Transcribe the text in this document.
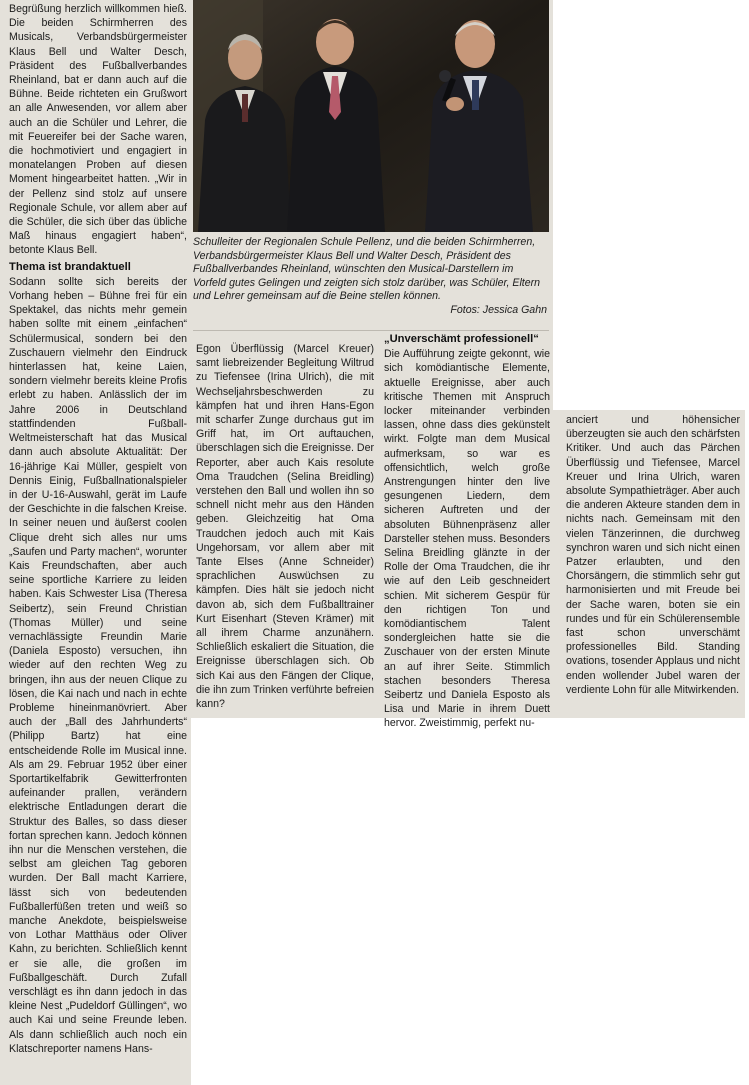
Begrüßung herzlich willkommen hieß. Die beiden Schirmherren des Musicals, Verbandsbürgermeister Klaus Bell und Walter Desch, Präsident des Fußballverbandes Rheinland, bat er dann auch auf die Bühne. Beide richteten ein Grußwort an alle Anwesenden, vor allem aber auch an die Schüler und Lehrer, die mit Feuereifer bei der Sache waren, die hochmotiviert und engagiert in monatelangen Proben auf diesen Moment hingearbeitet hatten. „Wir in der Pellenz sind stolz auf unsere Regionale Schule, vor allem aber auf die Schüler, die sich über das übliche Maß hinaus engagiert haben“, betonte Klaus Bell.

Thema ist brandaktuell

Sodann sollte sich bereits der Vorhang heben – Bühne frei für ein Spektakel, das nichts mehr gemein haben sollte mit einem „einfachen“ Schülermusical, sondern bei den Zuschauern vielmehr den Eindruck hinterlassen hat, keine Laien, sondern vielmehr bereits kleine Profis erlebt zu haben. Anlässlich der im Jahre 2006 in Deutschland stattfindenden Fußball-Weltmeisterschaft hat das Musical dann auch absolute Aktualität: Der 16-jährige Kai Müller, gespielt von Dennis Einig, Fußballnationalspieler in der U-16-Auswahl, gerät im Laufe der Geschichte in die falschen Kreise. In seiner neuen und äußerst coolen Clique dreht sich alles nur ums „Saufen und Party machen“, worunter Kais Freundschaften, aber auch seine sportliche Karriere zu leiden haben. Kais Schwester Lisa (Theresa Seibertz), sein Freund Christian (Thomas Müller) und seine vernachlässigte Freundin Marie (Daniela Esposto) versuchen, ihn wieder auf den rechten Weg zu bringen, ihn aus der neuen Clique zu lösen, die Kai nach und nach in echte Probleme hineinmanövriert. Aber auch der „Ball des Jahrhunderts“ (Philipp Bartz) hat eine entscheidende Rolle im Musical inne. Als am 29. Februar 1952 über einer Sportartikelfabrik Gewitterfronten aufeinander prallen, verändern elektrische Entladungen derart die Struktur des Balles, so dass dieser fortan sprechen kann. Jedoch können ihn nur die Menschen verstehen, die selbst am gleichen Tag geboren wurden. Der Ball macht Karriere, lässt sich von bedeutenden Fußballerfüßen treten und weiß so manche Anekdote, beispielsweise von Lothar Matthäus oder Oliver Kahn, zu berichten. Schließlich kennt er sie alle, die großen im Fußballgeschäft. Durch Zufall verschlägt es ihn dann jedoch in das kleine Nest „Pudeldorf Güllingen“, wo auch Kai und seine Freunde leben. Als dann schließlich auch noch ein Klatschreporter namens Hans-

Schulleiter der Regionalen Schule Pellenz, und die beiden Schirmherren, Verbandsbürgermeister Klaus Bell und Walter Desch, Präsident des Fußballverbandes Rheinland, wünschten den Musical-Darstellern im Vorfeld gutes Gelingen und zeigten sich stolz darüber, was Schüler, Eltern und Lehrer gemeinsam auf die Beine stellen können.
Fotos: Jessica Gahn

Egon Überflüssig (Marcel Kreuer) samt liebreizender Begleitung Wiltrud zu Tiefensee (Irina Ulrich), die mit Wechseljahrsbeschwerden zu kämpfen hat und ihren Hans-Egon mit scharfer Zunge durchaus gut im Griff hat, im Ort auftauchen, überschlagen sich die Ereignisse. Der Reporter, aber auch Kais resolute Oma Traudchen (Selina Breidling) verstehen den Ball und wollen ihn so schnell nicht mehr aus den Händen geben. Gleichzeitig hat Oma Traudchen jedoch auch mit Kais Ungehorsam, vor allem aber mit Tante Elses (Anne Schneider) sprachlichen Auswüchsen zu kämpfen. Dies hält sie jedoch nicht davon ab, sich dem Fußballtrainer Kurt Eisenhart (Steven Krämer) mit all ihrem Charme anzunähern. Schließlich eskaliert die Situation, die Ereignisse überschlagen sich. Ob sich Kai aus den Fängen der Clique, die ihn zum Trinken verführte befreien kann?

„Unverschämt professionell“

Die Aufführung zeigte gekonnt, wie sich komödiantische Elemente, aktuelle Ereignisse, aber auch kritische Themen mit Anspruch locker miteinander verbinden lassen, ohne dass dies gekünstelt wirkt. Folgte man dem Musical aufmerksam, so war es offensichtlich, welch große Anstrengungen hinter den live gesungenen Liedern, dem sicheren Auftreten und der absoluten Bühnenpräsenz aller Darsteller stehen muss. Besonders Selina Breidling glänzte in der Rolle der Oma Traudchen, die ihr wie auf den Leib geschneidert schien. Mit sicherem Gespür für den richtigen Ton und komödiantischem Talent sondergleichen hatte sie die Zuschauer von der ersten Minute an auf ihrer Seite. Stimmlich stachen besonders Theresa Seibertz und Daniela Esposto als Lisa und Marie in ihrem Duett hervor. Zweistimmig, perfekt nu-

anciert und höhensicher überzeugten sie auch den schärfsten Kritiker. Und auch das Pärchen Überflüssig und Tiefensee, Marcel Kreuer und Irina Ulrich, waren absolute Sympathieträger. Aber auch die anderen Akteure standen dem in nichts nach. Gemeinsam mit den vielen Tänzerinnen, die durchweg synchron waren und sich nicht einen Patzer erlaubten, und den Chorsängern, die stimmlich sehr gut harmonisierten und mit Freude bei der Sache waren, boten sie ein rundes und für ein Schülerensemble fast schon unverschämt professionelles Bild. Standing ovations, tosender Applaus und nicht enden wollender Jubel waren der verdiente Lohn für alle Mitwirkenden.
